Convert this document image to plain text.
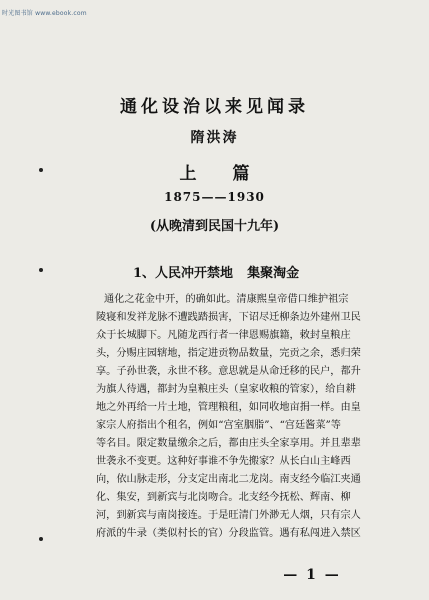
时光图书馆 www.ebook.com
通化设治以来见闻录
隋洪涛
上篇
1875——1930
(从晚清到民国十九年)
1、人民冲开禁地 集聚淘金
通化之花金中开，的确如此。清康熙皇帝借口维护祖宗
陵寝和发祥龙脉不遭践踏损害，下诏尽迁柳条边外建州卫民
众于长城脚下。凡随龙西行者一律恩赐旗籍，敕封皇粮庄
头，分赐庄园辖地，指定进贡物品数量，完贡之余，悉归荣
享。子孙世袭，永世不移。意思就是从命迁移的民户，都升
为旗人待遇，都封为皇粮庄头（皇家收粮的管家），给自耕
地之外再给一片土地，管理粮租，如同收地亩捐一样。由皇
家宗人府指出个租名，例如“宫室胭脂”、“宫廷酱菜”等
等名目。限定数量缴余之后，都由庄头全家享用。并且辈辈
世袭永不变更。这种好事谁不争先搬家？从长白山主峰西
向，依山脉走形，分支定出南北二龙岗。南支经今临江夹通
化、集安，到新宾与北岗吻合。北支经今抚松、辉南、柳
河，到新宾与南岗接连。于是旺清门外渺无人烟，只有宗人
府派的牛录（类似村长的官）分段监管。遇有私闯进入禁区
— 1 —
